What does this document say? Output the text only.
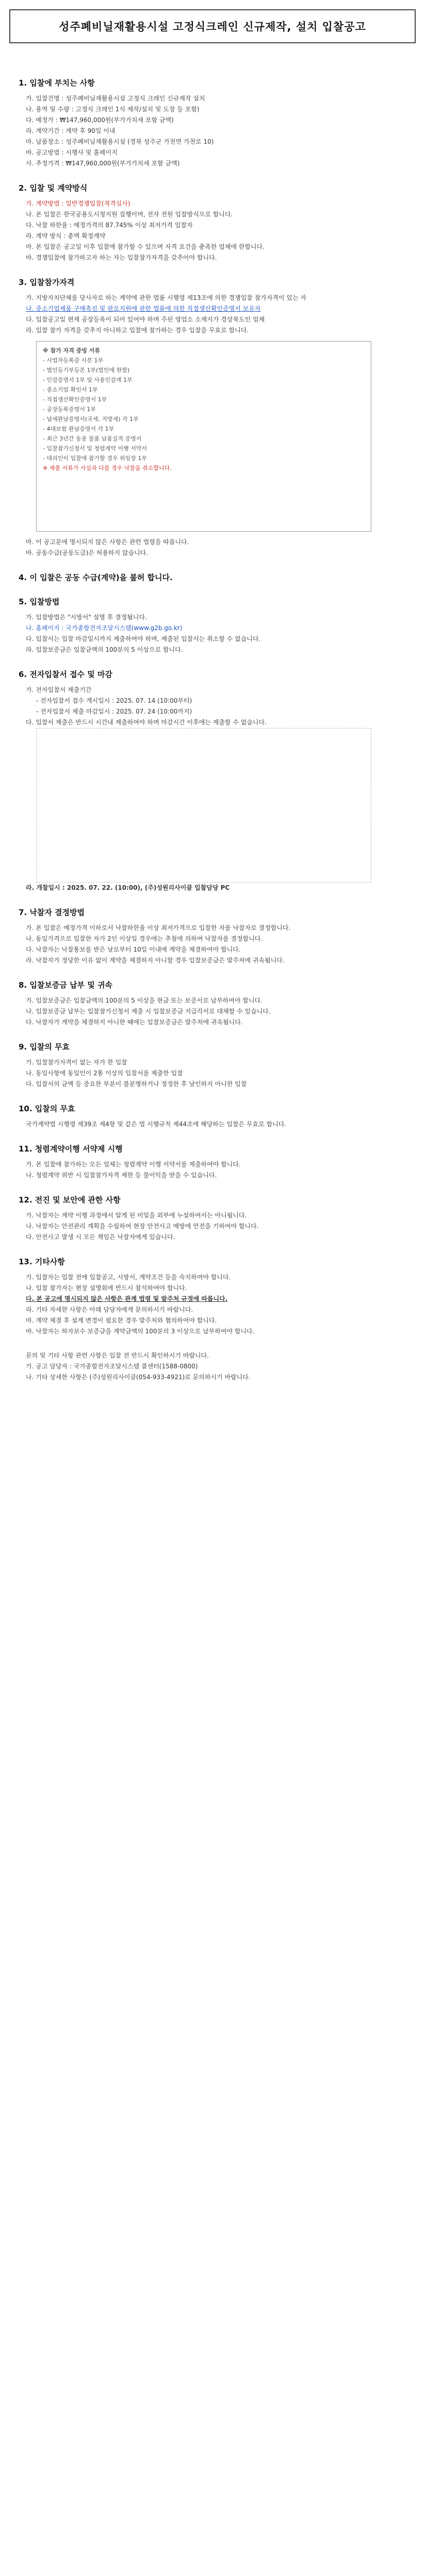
성주폐비닐재활용시설 고정식크레인 신규제작, 설치 입찰공고
1. 입찰에 부치는 사항
가. 입찰건명 : 성주폐비닐재활용시설 고정식 크레인 신규제작 설치
나. 용역 및 수량 : 고정식 크레인 1식 제작/설치 및 도장 등 포함)
다. 예정가 : ₩147,960,000원(부가가치세 포함 금액)
라. 계약기간 : 계약 후 90일 이내
마. 납품장소 : 성주폐비닐재활용시설 (경북 성주군 가천면 가천로 10)
바. 공고방법 : 시행사 및 홈페이지
사. 추정가격 : ₩147,960,000원(부가가치세 포함 금액)
2. 입찰 및 계약방식
가. 계약방법 : 일반경쟁입찰(적격심사)
나. 본 입찰은 한국공용도시청지원 집행이며, 전자 전원 입찰방식으로 합니다.
다. 낙찰 하한율 : 예정가격의 87.745% 이상 최저가격 입찰자
라. 계약 방식 : 총액 확정계약
마. 본 입찰은 공고일 이후 입찰에 참가할 수 있으며 자격 요건을 충족한 업체에 한합니다.
바. 경쟁입찰에 참가하고자 하는 자는 입찰참가자격을 갖추어야 합니다.
3. 입찰참가자격
가. 지방자치단체를 당사자로 하는 계약에 관한 법률 시행령 제13조에 의한 경쟁입찰 참가자격이 있는 자
나. 중소기업제품 구매촉진 및 판로지원에 관한 법률에 의한 직접생산확인증명서 보유자
다. 입찰공고일 현재 공장등록이 되어 있어야 하며 주된 영업소 소재지가 경상북도인 업체
라. 입찰 참가 자격을 갖추지 아니하고 입찰에 참가하는 경우 입찰을 무효로 합니다.
※ 참가 자격 증빙 서류
- 사업자등록증 사본 1부
- 법인등기부등본 1부(법인에 한함)
- 인감증명서 1부 및 사용인감계 1부
- 중소기업 확인서 1부
- 직접생산확인증명서 1부
- 공장등록증명서 1부
- 납세완납증명서(국세, 지방세) 각 1부
- 4대보험 완납증명서 각 1부
- 최근 3년간 동종 물품 납품실적 증명서
- 입찰참가신청서 및 청렴계약 이행 서약서
- 대리인이 입찰에 참가할 경우 위임장 1부
※ 제출 서류가 사실과 다를 경우 낙찰을 취소합니다.
마. 이 공고문에 명시되지 않은 사항은 관련 법령을 따릅니다.
바. 공동수급(공동도급)은 허용하지 않습니다.
4. 이 입찰은 공동 수급(계약)을 불허 합니다.
5. 입찰방법
가. 입찰방법은 "시방서" 설명 후 결정됩니다.
나. 홈페이지 : 국가종합전자조달시스템(www.g2b.go.kr)
다. 입찰서는 입찰 마감일시까지 제출하여야 하며, 제출된 입찰서는 취소할 수 없습니다.
라. 입찰보증금은 입찰금액의 100분의 5 이상으로 합니다.
6. 전자입찰서 접수 및 마감
가. 전자입찰서 제출기간
- 전자입찰서 접수 개시일시 : 2025. 07. 14 (10:00부터)
- 전자입찰서 제출 마감일시 : 2025. 07. 24 (10:00까지)
다. 입찰서 제출은 반드시 시간내 제출하여야 하며 마감시간 이후에는 제출할 수 없습니다.
라. 개찰일시 : 2025. 07. 22. (10:00), (주)성원리사이클 입찰담당 PC
7. 낙찰자 결정방법
가. 본 입찰은 예정가격 이하로서 낙찰하한율 이상 최저가격으로 입찰한 자를 낙찰자로 결정합니다.
나. 동일가격으로 입찰한 자가 2인 이상일 경우에는 추첨에 의하여 낙찰자를 결정합니다.
다. 낙찰자는 낙찰통보를 받은 날로부터 10일 이내에 계약을 체결하여야 합니다.
라. 낙찰자가 정당한 이유 없이 계약을 체결하지 아니할 경우 입찰보증금은 발주처에 귀속됩니다.
8. 입찰보증금 납부 및 귀속
가. 입찰보증금은 입찰금액의 100분의 5 이상을 현금 또는 보증서로 납부하여야 합니다.
나. 입찰보증금 납부는 입찰참가신청서 제출 시 입찰보증금 지급각서로 대체할 수 있습니다.
다. 낙찰자가 계약을 체결하지 아니한 때에는 입찰보증금은 발주처에 귀속됩니다.
9. 입찰의 무효
가. 입찰참가자격이 없는 자가 한 입찰
나. 동일사항에 동일인이 2통 이상의 입찰서를 제출한 입찰
다. 입찰서의 금액 등 중요한 부분이 불분명하거나 정정한 후 날인하지 아니한 입찰
10. 입찰의 무효
국가계약법 시행령 제39조 제4항 및 같은 법 시행규칙 제44조에 해당하는 입찰은 무효로 합니다.
11. 청렴계약이행 서약제 시행
가. 본 입찰에 참가하는 모든 업체는 청렴계약 이행 서약서를 제출하여야 합니다.
나. 청렴계약 위반 시 입찰참가자격 제한 등 불이익을 받을 수 있습니다.
12. 전진 및 보안에 관한 사항
가. 낙찰자는 계약 이행 과정에서 알게 된 비밀을 외부에 누설하여서는 아니됩니다.
나. 낙찰자는 안전관리 계획을 수립하여 현장 안전사고 예방에 만전을 기하여야 합니다.
다. 안전사고 발생 시 모든 책임은 낙찰자에게 있습니다.
13. 기타사항
가. 입찰자는 입찰 전에 입찰공고, 시방서, 계약조건 등을 숙지하여야 합니다.
나. 입찰 참가자는 현장 설명회에 반드시 참석하여야 합니다.
다. 본 공고에 명시되지 않은 사항은 관계 법령 및 발주처 규정에 따릅니다.
라. 기타 자세한 사항은 아래 담당자에게 문의하시기 바랍니다.
마. 계약 체결 후 설계 변경이 필요한 경우 발주처와 협의하여야 합니다.
바. 낙찰자는 하자보수 보증금을 계약금액의 100분의 3 이상으로 납부하여야 합니다.
문의 및 기타 사항 관련 사항은 입찰 전 반드시 확인하시기 바랍니다.
가. 공고 담당자 : 국가종합전자조달시스템 콜센터(1588-0800)
나. 기타 상세한 사항은 (주)성원리사이클(054-933-4921)로 문의하시기 바랍니다.
